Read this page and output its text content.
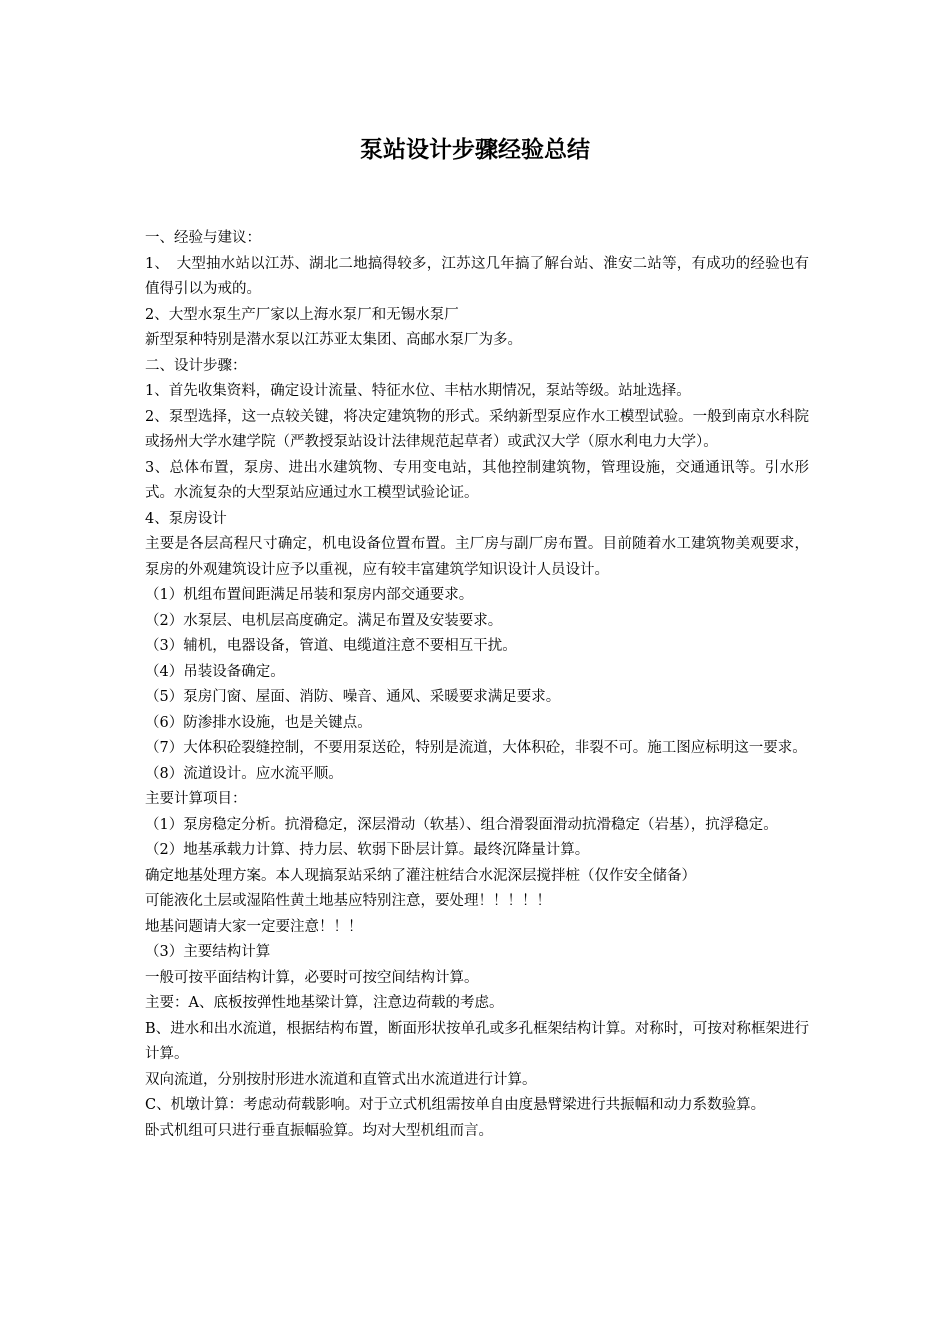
泵站设计步骤经验总结

一、经验与建议：

1、　大型抽水站以江苏、湖北二地搞得较多，江苏这几年搞了解台站、淮安二站等，有成功的经验也有值得引以为戒的。

2、大型水泵生产厂家以上海水泵厂和无锡水泵厂

新型泵种特别是潜水泵以江苏亚太集团、高邮水泵厂为多。

二、设计步骤：

1、首先收集资料，确定设计流量、特征水位、丰枯水期情况，泵站等级。站址选择。

2、泵型选择，这一点较关键，将决定建筑物的形式。采纳新型泵应作水工模型试验。一般到南京水科院或扬州大学水建学院（严教授泵站设计法律规范起草者）或武汉大学（原水利电力大学）。

3、总体布置，泵房、进出水建筑物、专用变电站，其他控制建筑物，管理设施，交通通讯等。引水形式。水流复杂的大型泵站应通过水工模型试验论证。

4、泵房设计

主要是各层高程尺寸确定，机电设备位置布置。主厂房与副厂房布置。目前随着水工建筑物美观要求，泵房的外观建筑设计应予以重视，应有较丰富建筑学知识设计人员设计。

（1）机组布置间距满足吊装和泵房内部交通要求。

（2）水泵层、电机层高度确定。满足布置及安装要求。

（3）辅机，电器设备，管道、电缆道注意不要相互干扰。

（4）吊装设备确定。

（5）泵房门窗、屋面、消防、噪音、通风、采暖要求满足要求。

（6）防渗排水设施，也是关键点。

（7）大体积砼裂缝控制，不要用泵送砼，特别是流道，大体积砼，非裂不可。施工图应标明这一要求。

（8）流道设计。应水流平顺。

主要计算项目：

（1）泵房稳定分析。抗滑稳定，深层滑动（软基）、组合滑裂面滑动抗滑稳定（岩基），抗浮稳定。

（2）地基承载力计算、持力层、软弱下卧层计算。最终沉降量计算。

确定地基处理方案。本人现搞泵站采纳了灌注桩结合水泥深层搅拌桩（仅作安全储备）

可能液化土层或湿陷性黄土地基应特别注意，要处理！！！！！

地基问题请大家一定要注意！！！

（3）主要结构计算

一般可按平面结构计算，必要时可按空间结构计算。

主要：A、底板按弹性地基梁计算，注意边荷载的考虑。

B、进水和出水流道，根据结构布置，断面形状按单孔或多孔框架结构计算。对称时，可按对称框架进行计算。

双向流道，分别按肘形进水流道和直管式出水流道进行计算。

C、机墩计算：考虑动荷载影响。对于立式机组需按单自由度悬臂梁进行共振幅和动力系数验算。

卧式机组可只进行垂直振幅验算。均对大型机组而言。
